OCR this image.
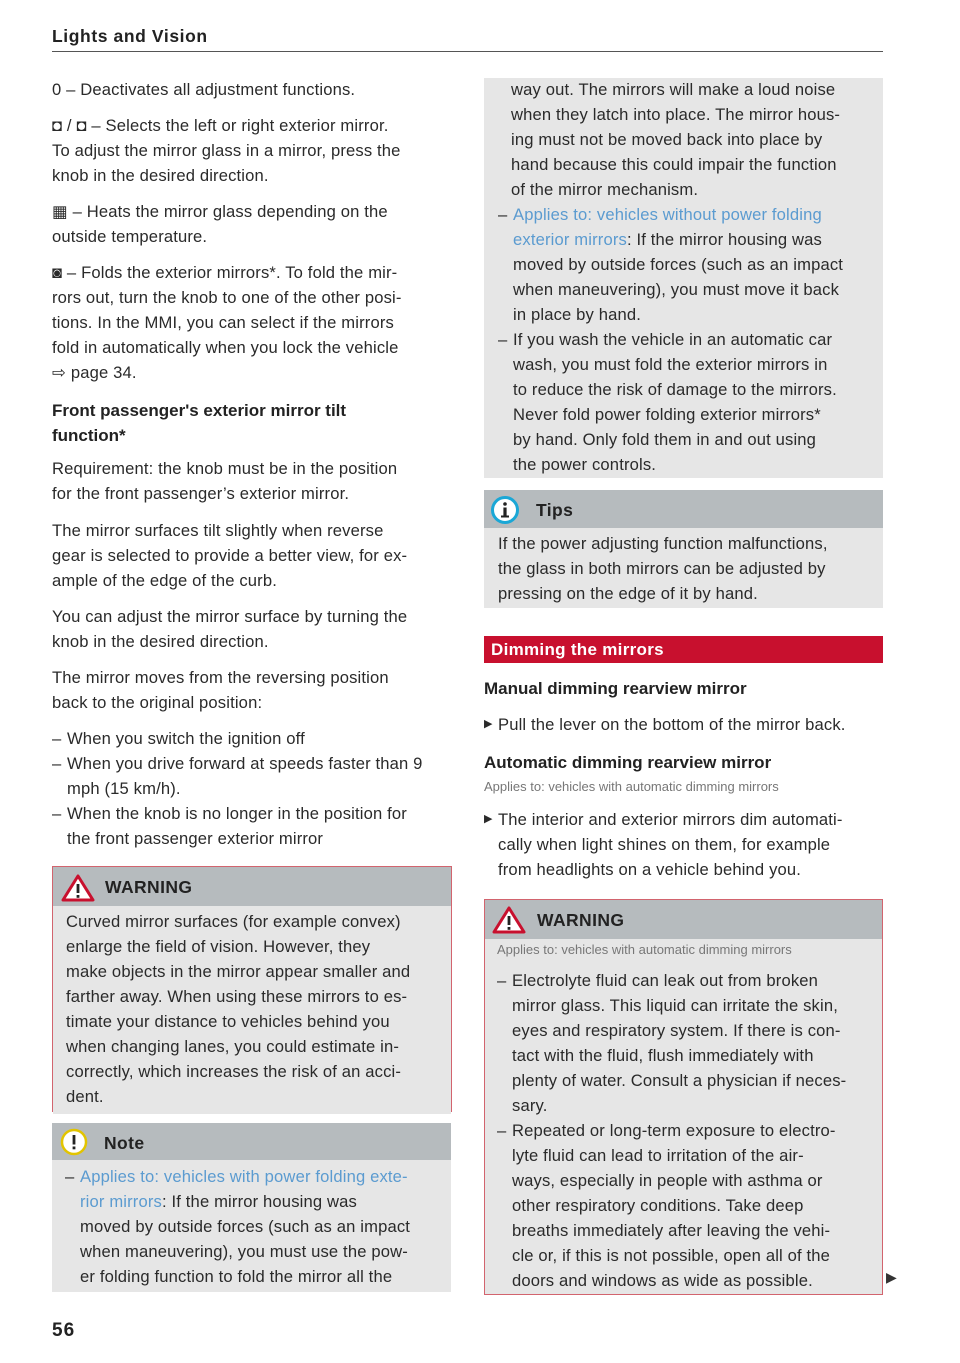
Lights and Vision
0 – Deactivates all adjustment functions.
◘ / ◘ – Selects the left or right exterior mirror.
To adjust the mirror glass in a mirror, press the
knob in the desired direction.
▦ – Heats the mirror glass depending on the
outside temperature.
◙ – Folds the exterior mirrors*. To fold the mir-
rors out, turn the knob to one of the other posi-
tions. In the MMI, you can select if the mirrors
fold in automatically when you lock the vehicle
⇨ page 34.
Front passenger's exterior mirror tilt
function*
Requirement: the knob must be in the position
for the front passenger’s exterior mirror.
The mirror surfaces tilt slightly when reverse
gear is selected to provide a better view, for ex-
ample of the edge of the curb.
You can adjust the mirror surface by turning the
knob in the desired direction.
The mirror moves from the reversing position
back to the original position:
– When you switch the ignition off
– When you drive forward at speeds faster than 9
mph (15 km/h).
– When the knob is no longer in the position for
the front passenger exterior mirror
WARNING
Curved mirror surfaces (for example convex)
enlarge the field of vision. However, they
make objects in the mirror appear smaller and
farther away. When using these mirrors to es-
timate your distance to vehicles behind you
when changing lanes, you could estimate in-
correctly, which increases the risk of an acci-
dent.
Note
– Applies to: vehicles with power folding exte-
rior mirrors: If the mirror housing was
moved by outside forces (such as an impact
when maneuvering), you must use the pow-
er folding function to fold the mirror all the
56
way out. The mirrors will make a loud noise
when they latch into place. The mirror hous-
ing must not be moved back into place by
hand because this could impair the function
of the mirror mechanism.
– Applies to: vehicles without power folding
exterior mirrors: If the mirror housing was
moved by outside forces (such as an impact
when maneuvering), you must move it back
in place by hand.
– If you wash the vehicle in an automatic car
wash, you must fold the exterior mirrors in
to reduce the risk of damage to the mirrors.
Never fold power folding exterior mirrors*
by hand. Only fold them in and out using
the power controls.
Tips
If the power adjusting function malfunctions,
the glass in both mirrors can be adjusted by
pressing on the edge of it by hand.
Dimming the mirrors
Manual dimming rearview mirror
▶ Pull the lever on the bottom of the mirror back.
Automatic dimming rearview mirror
Applies to: vehicles with automatic dimming mirrors
▶ The interior and exterior mirrors dim automati-
cally when light shines on them, for example
from headlights on a vehicle behind you.
WARNING
Applies to: vehicles with automatic dimming mirrors
– Electrolyte fluid can leak out from broken
mirror glass. This liquid can irritate the skin,
eyes and respiratory system. If there is con-
tact with the fluid, flush immediately with
plenty of water. Consult a physician if neces-
sary.
– Repeated or long-term exposure to electro-
lyte fluid can lead to irritation of the air-
ways, especially in people with asthma or
other respiratory conditions. Take deep
breaths immediately after leaving the vehi-
cle or, if this is not possible, open all of the
doors and windows as wide as possible.	▶
